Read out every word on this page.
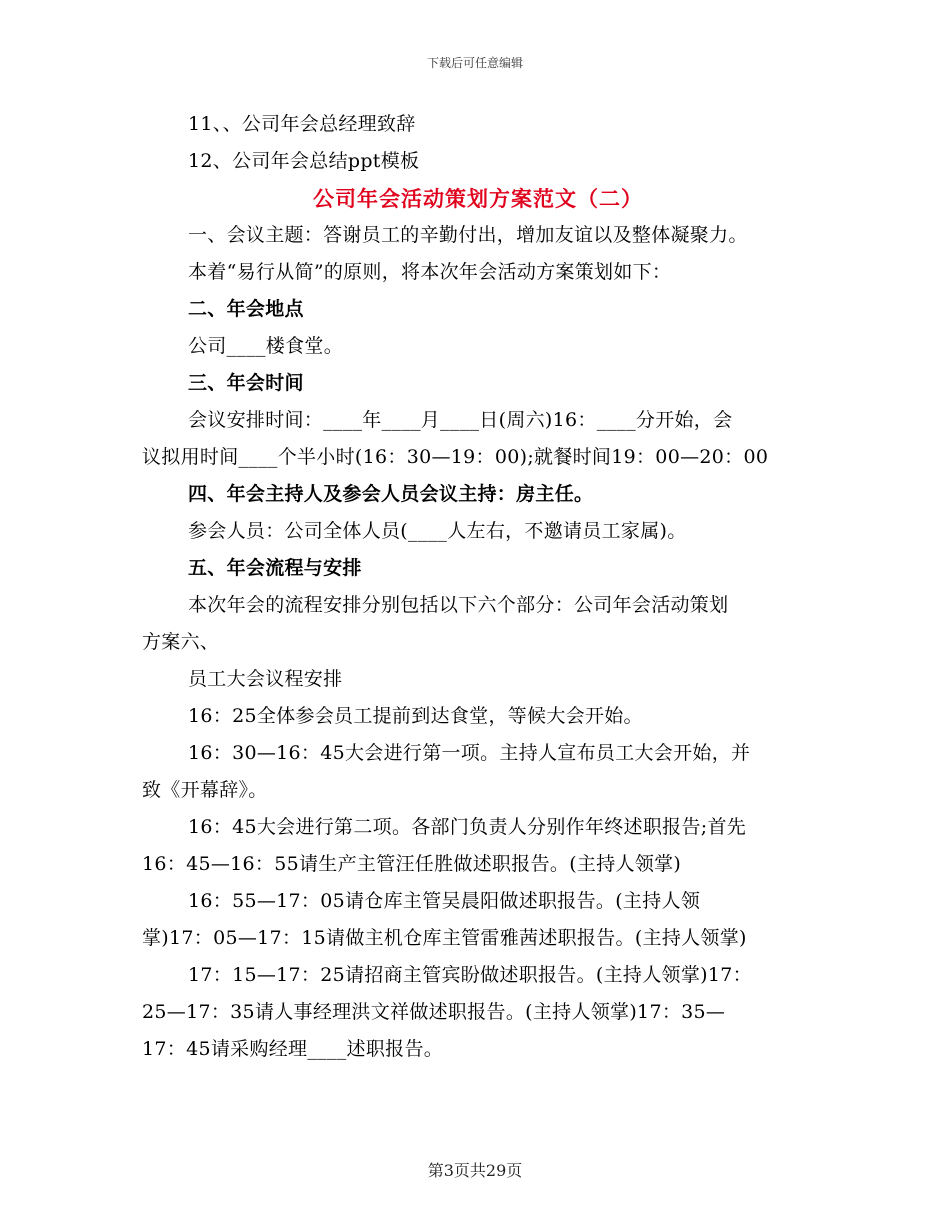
下载后可任意编辑
11、、公司年会总经理致辞
12、公司年会总结ppt模板
公司年会活动策划方案范文（二）
一、会议主题：答谢员工的辛勤付出，增加友谊以及整体凝聚力。
本着“易行从简”的原则，将本次年会活动方案策划如下：
二、年会地点
公司____楼食堂。
三、年会时间
会议安排时间：____年____月____日(周六)16：____分开始，会
议拟用时间____个半小时(16：30—19：00);就餐时间19：00—20：00
四、年会主持人及参会人员会议主持：房主任。
参会人员：公司全体人员(____人左右，不邀请员工家属)。
五、年会流程与安排
本次年会的流程安排分别包括以下六个部分：公司年会活动策划
方案六、
员工大会议程安排
16：25全体参会员工提前到达食堂，等候大会开始。
16：30—16：45大会进行第一项。主持人宣布员工大会开始，并
致《开幕辞》。
16：45大会进行第二项。各部门负责人分别作年终述职报告;首先
16：45—16：55请生产主管汪任胜做述职报告。(主持人领掌)
16：55—17：05请仓库主管吴晨阳做述职报告。(主持人领
掌)17：05—17：15请做主机仓库主管雷雅茜述职报告。(主持人领掌)
17：15—17：25请招商主管宾盼做述职报告。(主持人领掌)17：
25—17：35请人事经理洪文祥做述职报告。(主持人领掌)17：35—
17：45请采购经理____述职报告。
第3页共29页
